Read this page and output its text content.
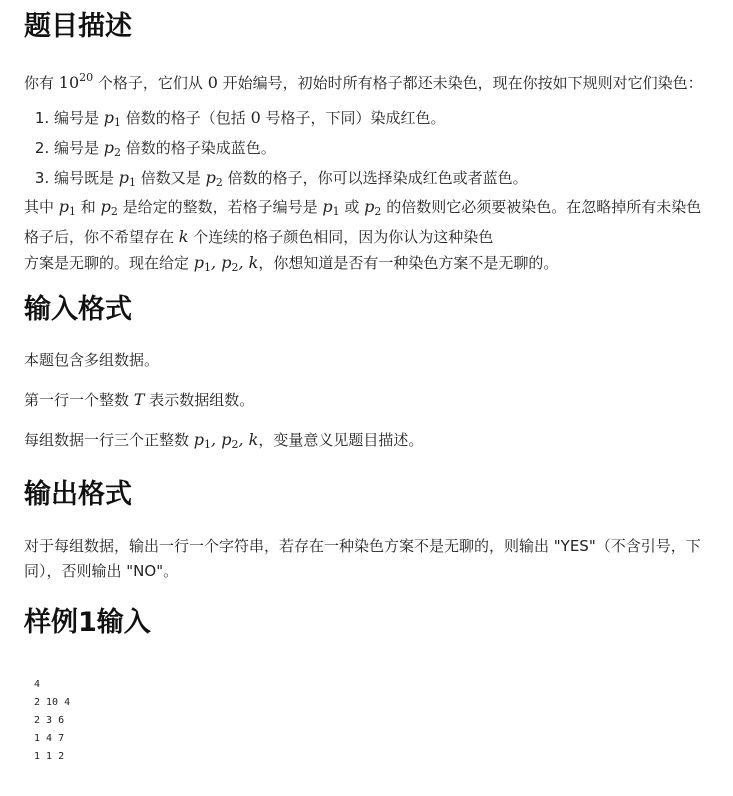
题目描述

你有 $10^{20}$ 个格子，它们从 0 开始编号，初始时所有格子都还未染色，现在你按如下规则对它们染色：

1. 编号是 $p_1$ 倍数的格子（包括 0 号格子，下同）染成红色。
2. 编号是 $p_2$ 倍数的格子染成蓝色。
3. 编号既是 $p_1$ 倍数又是 $p_2$ 倍数的格子，你可以选择染成红色或者蓝色。

其中 $p_1$ 和 $p_2$ 是给定的整数，若格子编号是 $p_1$ 或 $p_2$ 的倍数则它必须要被染色。在忽略掉所有未染色
格子后，你不希望存在 k 个连续的格子颜色相同，因为你认为这种染色
方案是无聊的。现在给定 $p_1$, $p_2$, k，你想知道是否有一种染色方案不是无聊的。

输入格式

本题包含多组数据。

第一行一个整数 T 表示数据组数。

每组数据一行三个正整数 $p_1$, $p_2$, k，变量意义见题目描述。

输出格式

对于每组数据，输出一行一个字符串，若存在一种染色方案不是无聊的，则输出 "YES"（不含引号，下同），否则输出 "NO"。

样例1输入
4
2 10 4
2 3 6
1 4 7
1 1 2
